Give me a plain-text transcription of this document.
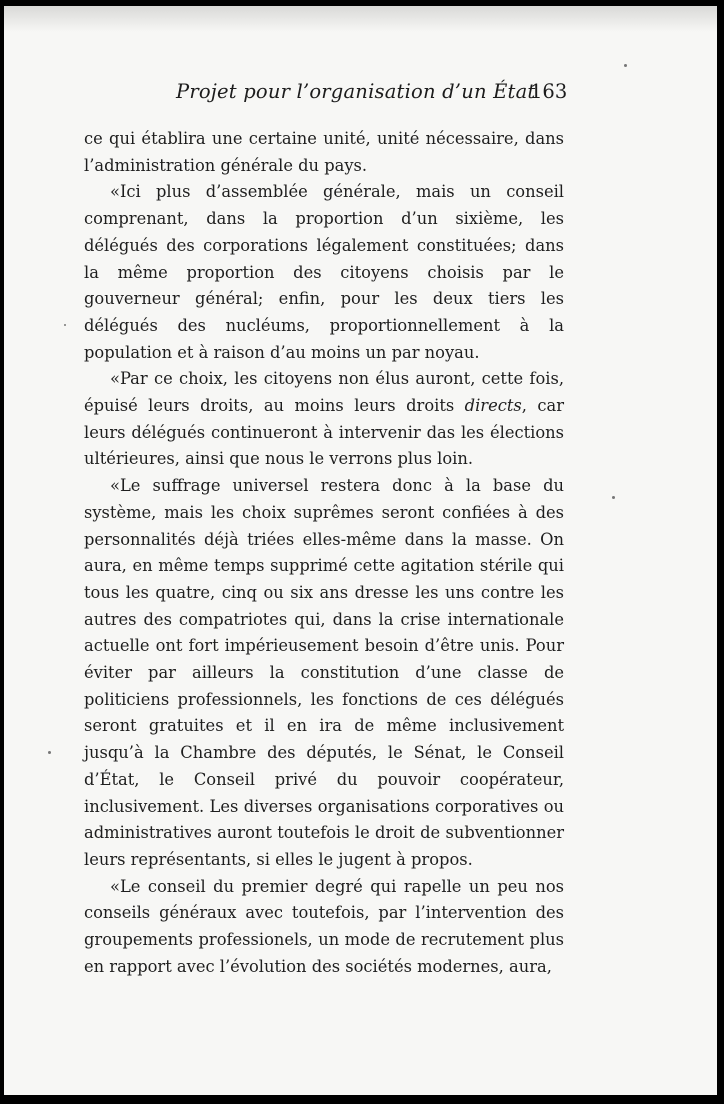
Projet pour l’organisation d’un État
163

ce qui établira une certaine unité, unité nécessaire, dans l’administration générale du pays.

«Ici plus d’assemblée générale, mais un conseil comprenant, dans la proportion d’un sixième, les délégués des corporations légalement constituées; dans la même proportion des citoyens choisis par le gouverneur général; enfin, pour les deux tiers les délégués des nucléums, proportionnellement à la population et à raison d’au moins un par noyau.

«Par ce choix, les citoyens non élus auront, cette fois, épuisé leurs droits, au moins leurs droits directs, car leurs délégués continueront à intervenir das les élections ultérieures, ainsi que nous le verrons plus loin.

«Le suffrage universel restera donc à la base du système, mais les choix suprêmes seront confiées à des personnalités déjà triées elles-même dans la masse. On aura, en même temps supprimé cette agitation stérile qui tous les quatre, cinq ou six ans dresse les uns contre les autres des compatriotes qui, dans la crise internationale actuelle ont fort impérieusement besoin d’être unis. Pour éviter par ailleurs la constitution d’une classe de politiciens professionnels, les fonctions de ces délégués seront gratuites et il en ira de même inclusivement jusqu’à la Chambre des députés, le Sénat, le Conseil d’État, le Conseil privé du pouvoir coopérateur, inclusivement. Les diverses organisations corporatives ou administratives auront toutefois le droit de subventionner leurs représentants, si elles le jugent à propos.

«Le conseil du premier degré qui rapelle un peu nos conseils généraux avec toutefois, par l’intervention des groupements professionels, un mode de recrutement plus en rapport avec l’évolution des sociétés modernes, aura,
